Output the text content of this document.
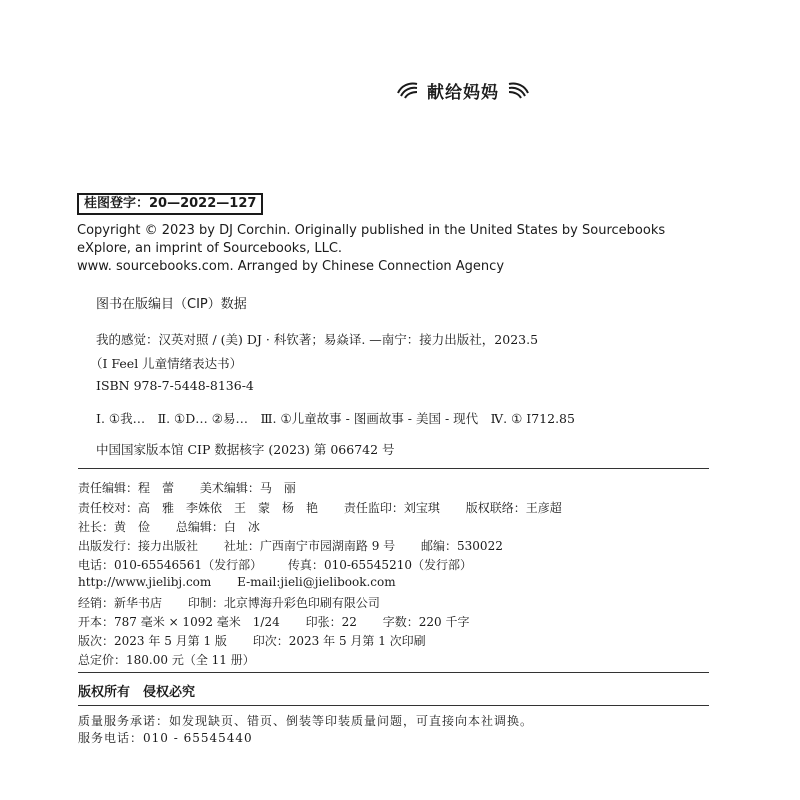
献给妈妈
桂图登字：20—2022—127
Copyright © 2023 by DJ Corchin. Originally published in the United States by Sourcebooks
eXplore, an imprint of Sourcebooks, LLC.
www. sourcebooks.com. Arranged by Chinese Connection Agency
图书在版编目（CIP）数据
我的感觉：汉英对照 / (美) DJ · 科钦著；易焱译. —南宁：接力出版社，2023.5
（I Feel 儿童情绪表达书）
ISBN 978-7-5448-8136-4
Ⅰ. ①我…　Ⅱ. ①D… ②易…　Ⅲ. ①儿童故事 - 图画故事 - 美国 - 现代　Ⅳ. ① I712.85
中国国家版本馆 CIP 数据核字 (2023) 第 066742 号
责任编辑：程　蕾 美术编辑：马　丽
责任校对：高　雅　李姝依　王　蒙　杨　艳 责任监印：刘宝琪 版权联络：王彦超
社长：黄　俭 总编辑：白　冰
出版发行：接力出版社 社址：广西南宁市园湖南路 9 号 邮编：530022
电话：010-65546561（发行部） 传真：010-65545210（发行部）
http://www.jielibj.com E-mail:jieli@jielibook.com
经销：新华书店 印制：北京博海升彩色印刷有限公司
开本：787 毫米 × 1092 毫米　1/24 印张：22 字数：220 千字
版次：2023 年 5 月第 1 版 印次：2023 年 5 月第 1 次印刷
总定价：180.00 元（全 11 册）
版权所有　侵权必究
质量服务承诺：如发现缺页、错页、倒装等印装质量问题，可直接向本社调换。
服务电话：010 - 65545440
